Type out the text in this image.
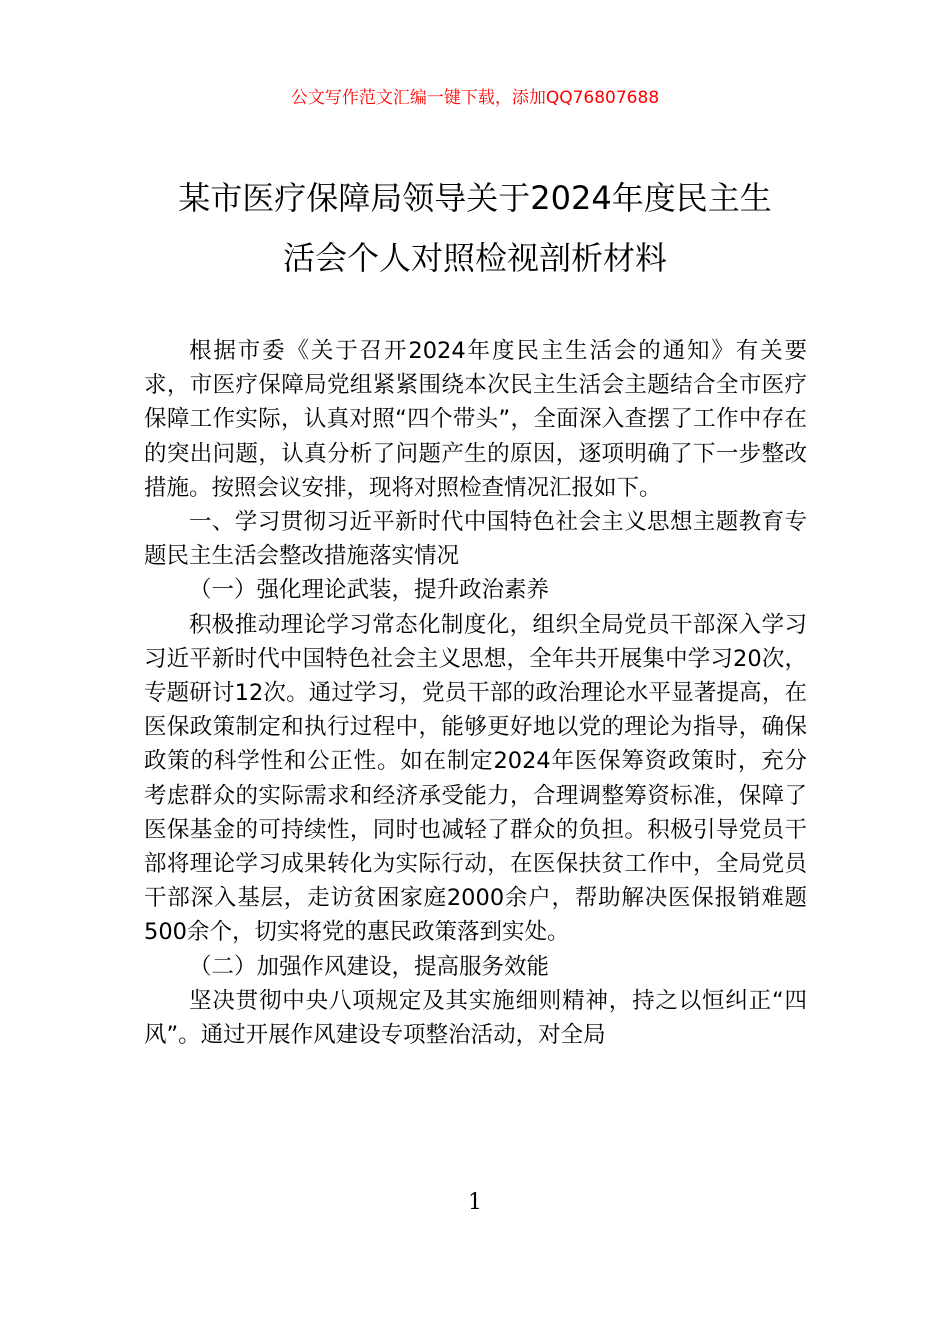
公文写作范文汇编一键下载，添加QQ76807688
某市医疗保障局领导关于2024年度民主生
活会个人对照检视剖析材料

根据市委《关于召开2024年度民主生活会的通知》有关要求，市医疗保障局党组紧紧围绕本次民主生活会主题结合全市医疗保障工作实际，认真对照“四个带头”，全面深入查摆了工作中存在的突出问题，认真分析了问题产生的原因，逐项明确了下一步整改措施。按照会议安排，现将对照检查情况汇报如下。

一、学习贯彻习近平新时代中国特色社会主义思想主题教育专题民主生活会整改措施落实情况

（一）强化理论武装，提升政治素养

积极推动理论学习常态化制度化，组织全局党员干部深入学习习近平新时代中国特色社会主义思想，全年共开展集中学习20次，专题研讨12次。通过学习，党员干部的政治理论水平显著提高，在医保政策制定和执行过程中，能够更好地以党的理论为指导，确保政策的科学性和公正性。如在制定2024年医保筹资政策时，充分考虑群众的实际需求和经济承受能力，合理调整筹资标准，保障了医保基金的可持续性，同时也减轻了群众的负担。积极引导党员干部将理论学习成果转化为实际行动，在医保扶贫工作中，全局党员干部深入基层，走访贫困家庭2000余户，帮助解决医保报销难题500余个，切实将党的惠民政策落到实处。

（二）加强作风建设，提高服务效能

坚决贯彻中央八项规定及其实施细则精神，持之以恒纠正“四风”。通过开展作风建设专项整治活动，对全局

1
